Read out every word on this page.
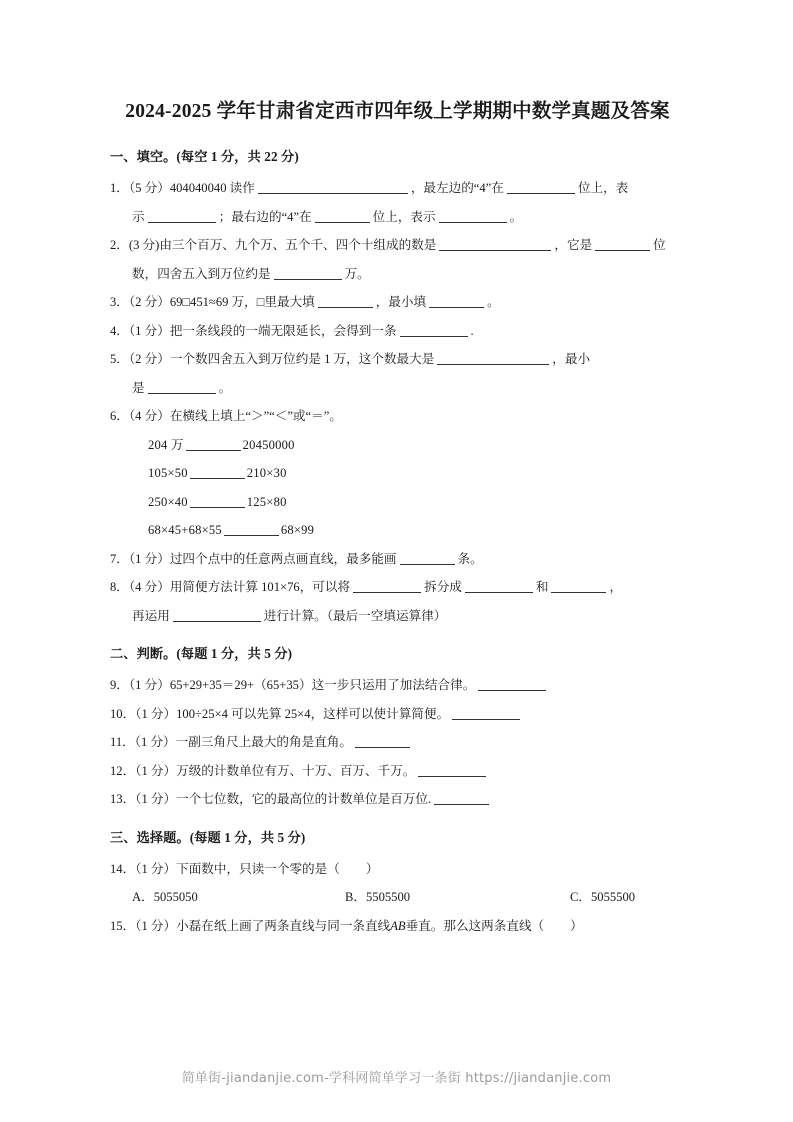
2024-2025 学年甘肃省定西市四年级上学期期中数学真题及答案
一、填空。(每空 1 分，共 22 分)
1．（5 分）404040040 读作	，最左边的“4”在	位上，表
示	；最右边的“4”在	位上，表示	。
2．(3 分)由三个百万、九个万、五个千、四个十组成的数是	，它是	位
数，四舍五入到万位约是	万。
3．（2 分）69□451≈69 万，□里最大填	，最小填	。
4．（1 分）把一条线段的一端无限延长，会得到一条	.
5．（2 分）一个数四舍五入到万位约是 1 万，这个数最大是	，最小
是	。
6．（4 分）在横线上填上“＞”“＜”或“＝”。
204 万	20450000
105×50	210×30
250×40	125×80
68×45+68×55	68×99
7．（1 分）过四个点中的任意两点画直线，最多能画	条。
8．（4 分）用简便方法计算 101×76，可以将	拆分成	和	，
再运用	进行计算。（最后一空填运算律）
二、判断。(每题 1 分，共 5 分)
9．（1 分）65+29+35＝29+（65+35）这一步只运用了加法结合律。
10．（1 分）100÷25×4 可以先算 25×4，这样可以使计算简便。
11．（1 分）一副三角尺上最大的角是直角。
12．（1 分）万级的计数单位有万、十万、百万、千万。
13．（1 分）一个七位数，它的最高位的计数单位是百万位.
三、选择题。(每题 1 分，共 5 分)
14．（1 分）下面数中，只读一个零的是（ ）
A．5055050	B．5505500	C．5055500
15．（1 分）小磊在纸上画了两条直线与同一条直线AB垂直。那么这两条直线（ ）
简单街-jiandanjie.com-学科网简单学习一条街 https://jiandanjie.com
